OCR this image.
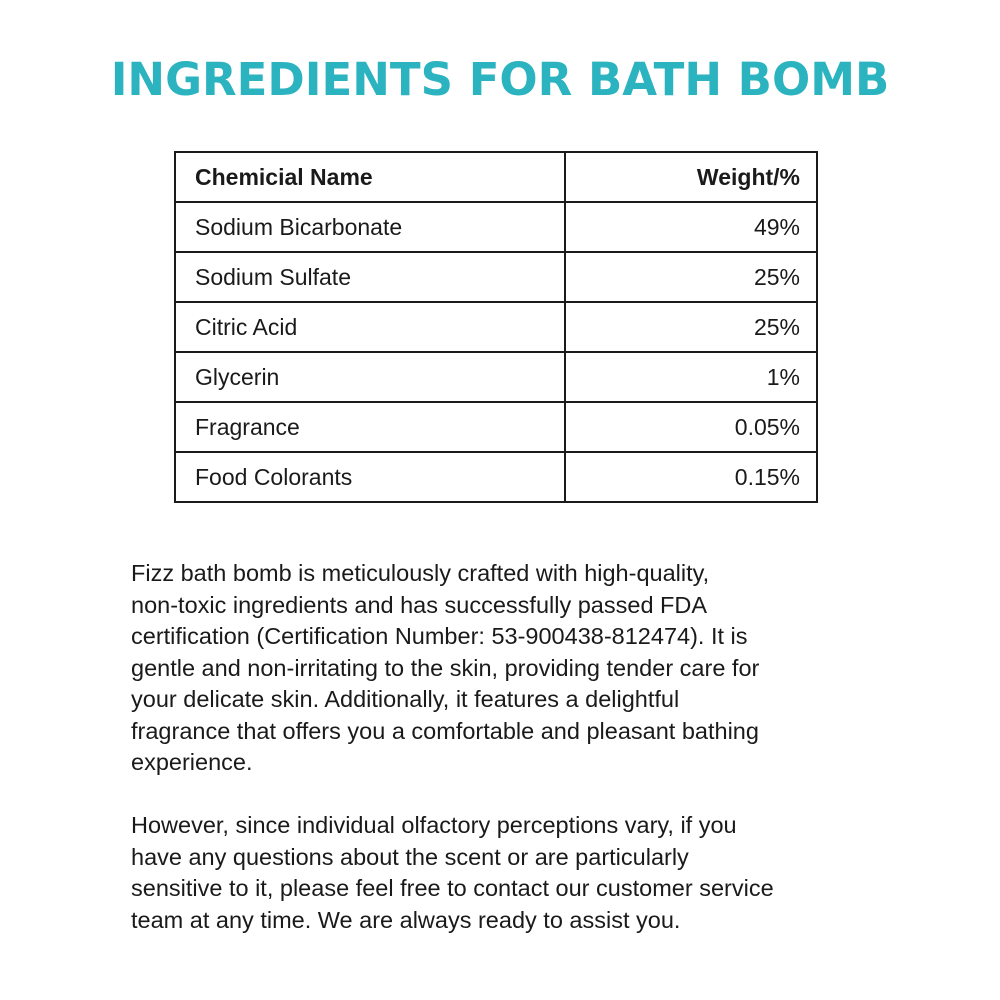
INGREDIENTS FOR BATH BOMB
Chemicial Name	Weight/%
Sodium Bicarbonate	49%
Sodium Sulfate	25%
Citric Acid	25%
Glycerin	1%
Fragrance	0.05%
Food Colorants	0.15%

Fizz bath bomb is meticulously crafted with high-quality,
non-toxic ingredients and has successfully passed FDA
certification (Certification Number: 53-900438-812474). It is
gentle and non-irritating to the skin, providing tender care for
your delicate skin. Additionally, it features a delightful
fragrance that offers you a comfortable and pleasant bathing
experience.

However, since individual olfactory perceptions vary, if you
have any questions about the scent or are particularly
sensitive to it, please feel free to contact our customer service
team at any time. We are always ready to assist you.
